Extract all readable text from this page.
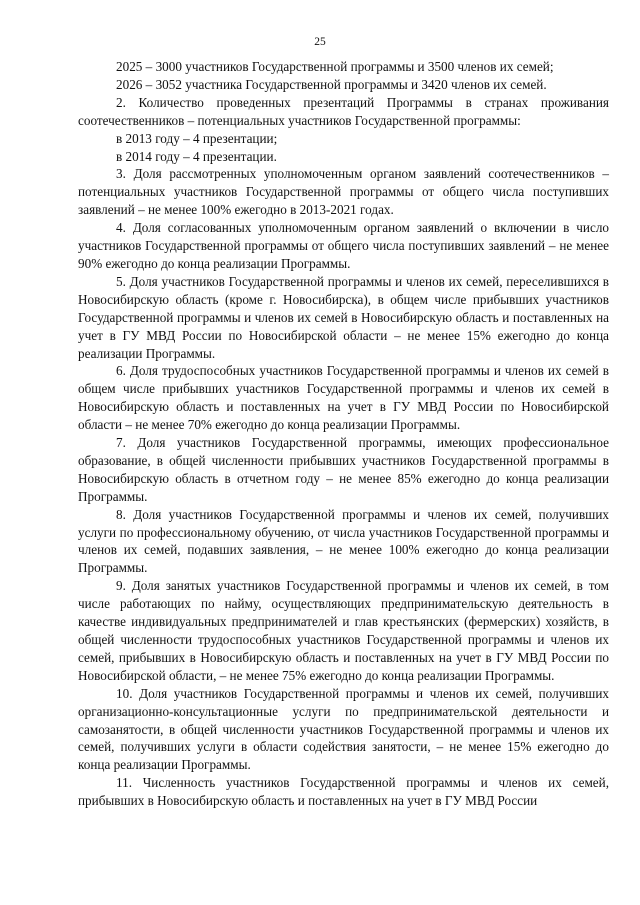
25

2025 – 3000 участников Государственной программы и 3500 членов их семей;

2026 – 3052 участника Государственной программы и 3420 членов их семей.

2. Количество проведенных презентаций Программы в странах проживания соотечественников – потенциальных участников Государственной программы:

в 2013 году – 4 презентации;

в 2014 году – 4 презентации.

3. Доля рассмотренных уполномоченным органом заявлений соотечественников – потенциальных участников Государственной программы от общего числа поступивших заявлений – не менее 100% ежегодно в 2013-2021 годах.

4. Доля согласованных уполномоченным органом заявлений о включении в число участников Государственной программы от общего числа поступивших заявлений – не менее 90% ежегодно до конца реализации Программы.

5. Доля участников Государственной программы и членов их семей, переселившихся в Новосибирскую область (кроме г. Новосибирска), в общем числе прибывших участников Государственной программы и членов их семей в Новосибирскую область и поставленных на учет в ГУ МВД России по Новосибирской области – не менее 15% ежегодно до конца реализации Программы.

6. Доля трудоспособных участников Государственной программы и членов их семей в общем числе прибывших участников Государственной программы и членов их семей в Новосибирскую область и поставленных на учет в ГУ МВД России по Новосибирской области – не менее 70% ежегодно до конца реализации Программы.

7. Доля участников Государственной программы, имеющих профессиональное образование, в общей численности прибывших участников Государственной программы в Новосибирскую область в отчетном году – не менее 85% ежегодно до конца реализации Программы.

8. Доля участников Государственной программы и членов их семей, получивших услуги по профессиональному обучению, от числа участников Государственной программы и членов их семей, подавших заявления, – не менее 100% ежегодно до конца реализации Программы.

9. Доля занятых участников Государственной программы и членов их семей, в том числе работающих по найму, осуществляющих предпринимательскую деятельность в качестве индивидуальных предпринимателей и глав крестьянских (фермерских) хозяйств, в общей численности трудоспособных участников Государственной программы и членов их семей, прибывших в Новосибирскую область и поставленных на учет в ГУ МВД России по Новосибирской области, – не менее 75% ежегодно до конца реализации Программы.

10. Доля участников Государственной программы и членов их семей, получивших организационно-консультационные услуги по предпринимательской деятельности и самозанятости, в общей численности участников Государственной программы и членов их семей, получивших услуги в области содействия занятости, – не менее 15% ежегодно до конца реализации Программы.

11. Численность участников Государственной программы и членов их семей, прибывших в Новосибирскую область и поставленных на учет в ГУ МВД России
